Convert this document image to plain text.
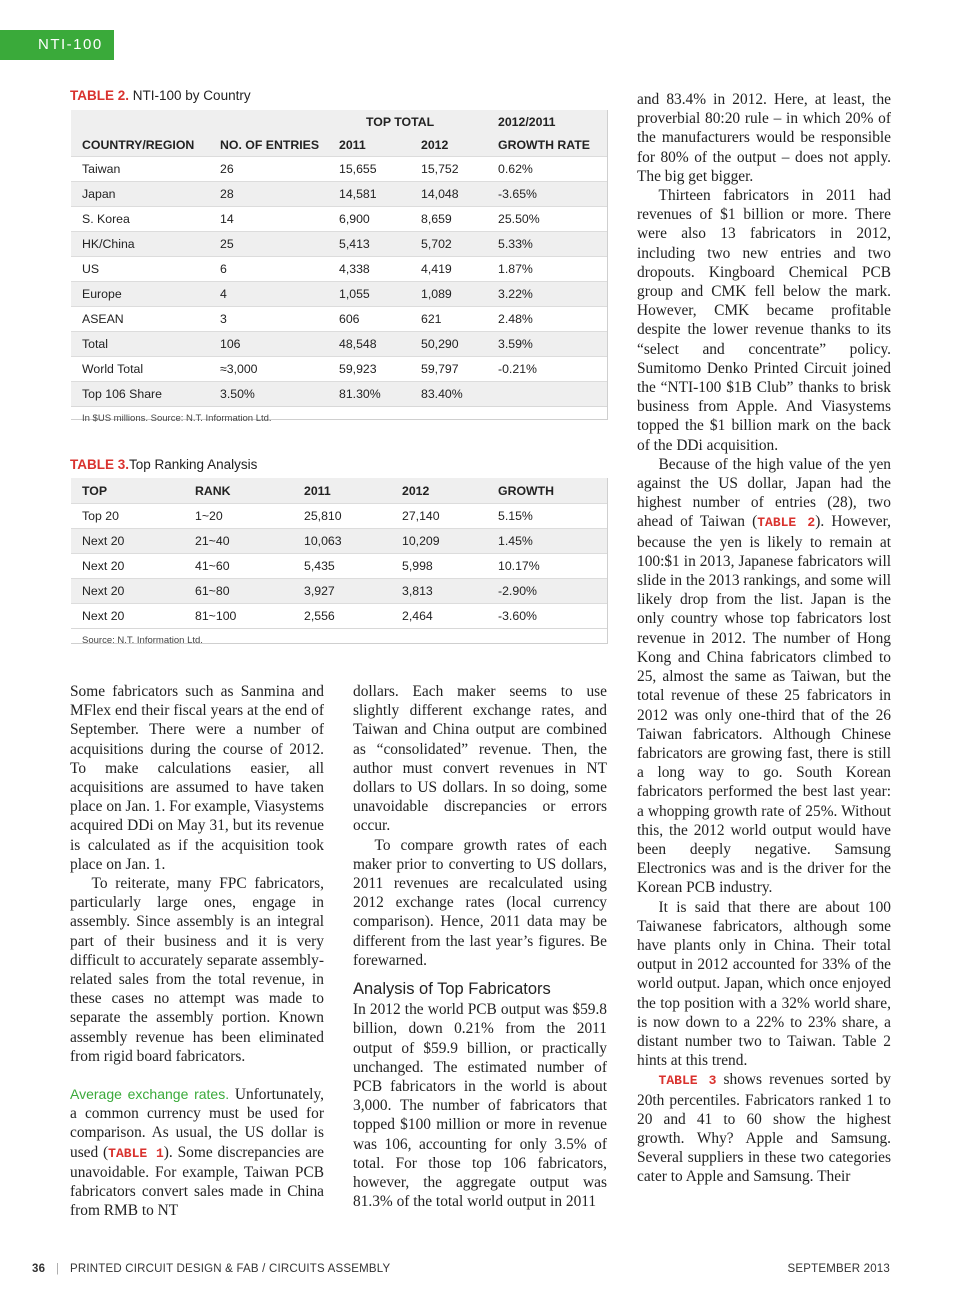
NTI-100
TABLE 2. NTI-100 by Country
		TOP TOTAL		2012/2011
COUNTRY/REGION	NO. OF ENTRIES	2011	2012	GROWTH RATE
Taiwan	26	15,655	15,752	0.62%
Japan	28	14,581	14,048	-3.65%
S. Korea	14	6,900	8,659	25.50%
HK/China	25	5,413	5,702	5.33%
US	6	4,338	4,419	1.87%
Europe	4	1,055	1,089	3.22%
ASEAN	3	606	621	2.48%
Total	106	48,548	50,290	3.59%
World Total	≈3,000	59,923	59,797	-0.21%
Top 106 Share	3.50%	81.30%	83.40%	
In $US millions. Source: N.T. Information Ltd.				
TABLE 3.Top Ranking Analysis
TOP	RANK	2011	2012	GROWTH
Top 20	1~20	25,810	27,140	5.15%
Next 20	21~40	10,063	10,209	1.45%
Next 20	41~60	5,435	5,998	10.17%
Next 20	61~80	3,927	3,813	-2.90%
Next 20	81~100	2,556	2,464	-3.60%
Source: N.T. Information Ltd.				

Some fabricators such as Sanmina and MFlex end their fiscal years at the end of September. There were a number of acquisitions during the course of 2012. To make calculations easier, all acquisitions are assumed to have taken place on Jan. 1. For example, Viasystems acquired DDi on May 31, but its revenue is calculated as if the acquisition took place on Jan. 1.

To reiterate, many FPC fabricators, particularly large ones, engage in assembly. Since assembly is an integral part of their business and it is very difficult to accurately separate assembly-related sales from the total revenue, in these cases no attempt was made to separate the assembly portion. Known assembly revenue has been eliminated from rigid board fabricators.

Average exchange rates. Unfortunately, a common currency must be used for comparison. As usual, the US dollar is used (TABLE 1). Some discrepancies are unavoidable. For example, Taiwan PCB fabricators convert sales made in China from RMB to NT

dollars. Each maker seems to use slightly different exchange rates, and Taiwan and China output are combined as “consolidated” revenue. Then, the author must convert revenues in NT dollars to US dollars. In so doing, some unavoidable discrepancies or errors occur.

To compare growth rates of each maker prior to converting to US dollars, 2011 revenues are recalculated using 2012 exchange rates (local currency comparison). Hence, 2011 data may be different from the last year’s figures. Be forewarned.

Analysis of Top Fabricators

In 2012 the world PCB output was $59.8 billion, down 0.21% from the 2011 output of $59.9 billion, or practically unchanged. The estimated number of PCB fabricators in the world is about 3,000. The number of fabricators that topped $100 million or more in revenue was 106, accounting for only 3.5% of total. For those top 106 fabricators, however, the aggregate output was 81.3% of the total world output in 2011

and 83.4% in 2012. Here, at least, the proverbial 80:20 rule – in which 20% of the manufacturers would be responsible for 80% of the output – does not apply. The big get bigger.

Thirteen fabricators in 2011 had revenues of $1 billion or more. There were also 13 fabricators in 2012, including two new entries and two dropouts. Kingboard Chemical PCB group and CMK fell below the mark. However, CMK became profitable despite the lower revenue thanks to its “select and concentrate” policy. Sumitomo Denko Printed Circuit joined the “NTI-100 $1B Club” thanks to brisk business from Apple. And Viasystems topped the $1 billion mark on the back of the DDi acquisition.

Because of the high value of the yen against the US dollar, Japan had the highest number of entries (28), two ahead of Taiwan (TABLE 2). However, because the yen is likely to remain at 100:$1 in 2013, Japanese fabricators will slide in the 2013 rankings, and some will likely drop from the list. Japan is the only country whose top fabricators lost revenue in 2012. The number of Hong Kong and China fabricators climbed to 25, almost the same as Taiwan, but the total revenue of these 25 fabricators in 2012 was only one-third that of the 26 Taiwan fabricators. Although Chinese fabricators are growing fast, there is still a long way to go. South Korean fabricators performed the best last year: a whopping growth rate of 25%. Without this, the 2012 world output would have been deeply negative. Samsung Electronics was and is the driver for the Korean PCB industry.

It is said that there are about 100 Taiwanese fabricators, although some have plants only in China. Their total output in 2012 accounted for 33% of the world output. Japan, which once enjoyed the top position with a 32% world share, is now down to a 22% to 23% share, a distant number two to Taiwan. Table 2 hints at this trend.

TABLE 3 shows revenues sorted by 20th percentiles. Fabricators ranked 1 to 20 and 41 to 60 show the highest growth. Why? Apple and Samsung. Several suppliers in these two categories cater to Apple and Samsung. Their

36 | PRINTED CIRCUIT DESIGN & FAB / CIRCUITS ASSEMBLY	SEPTEMBER 2013
